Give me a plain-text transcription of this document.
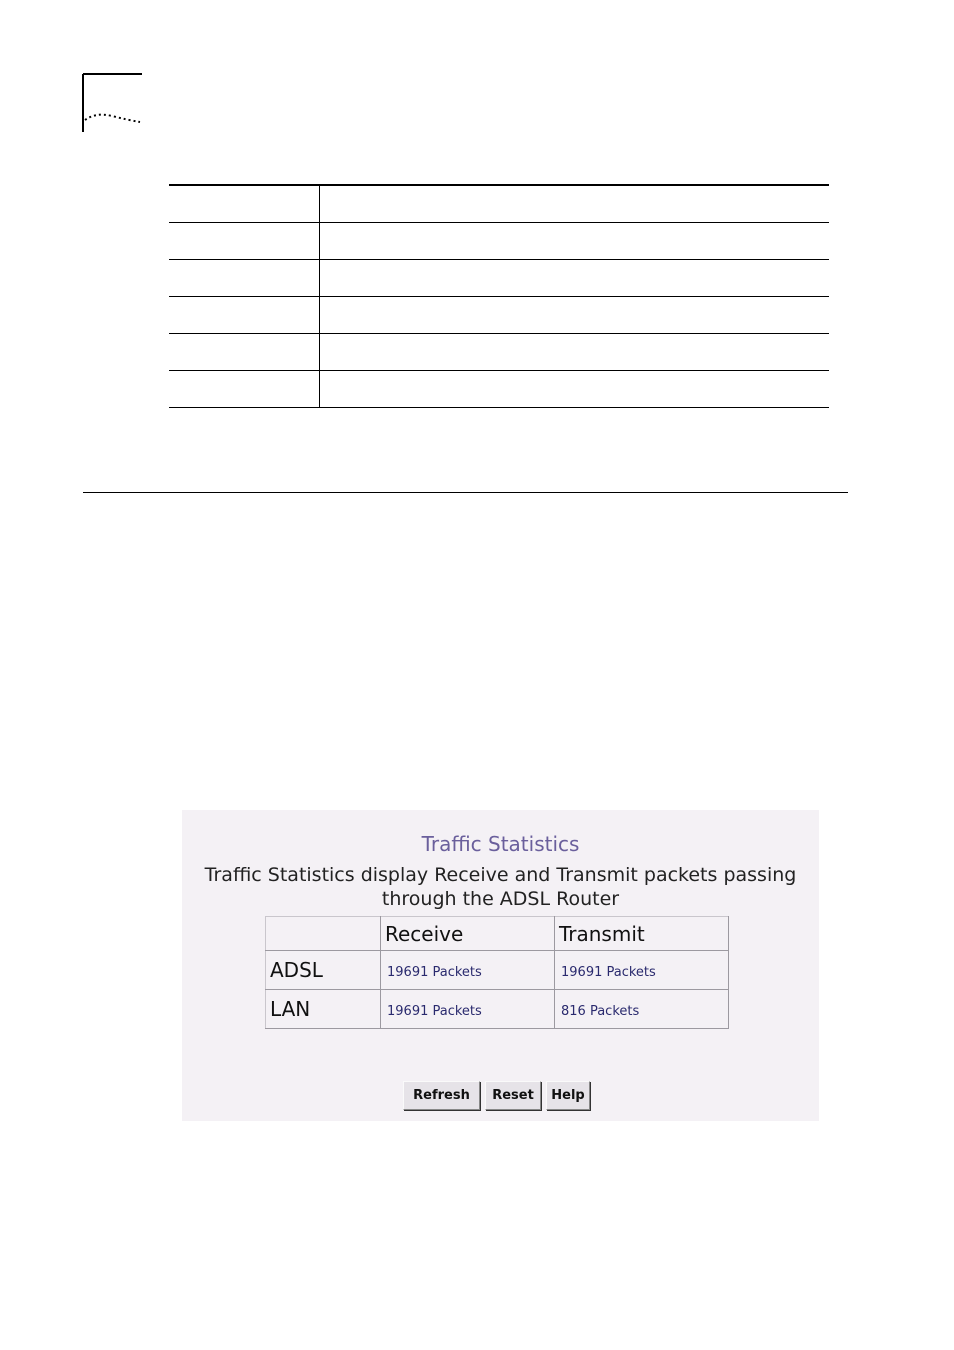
Traffic Statistics
Traffic Statistics display Receive and Transmit packets passing through the ADSL Router
	Receive	Transmit
ADSL	19691 Packets	19691 Packets
LAN	19691 Packets	816 Packets
Refresh	Reset	Help
